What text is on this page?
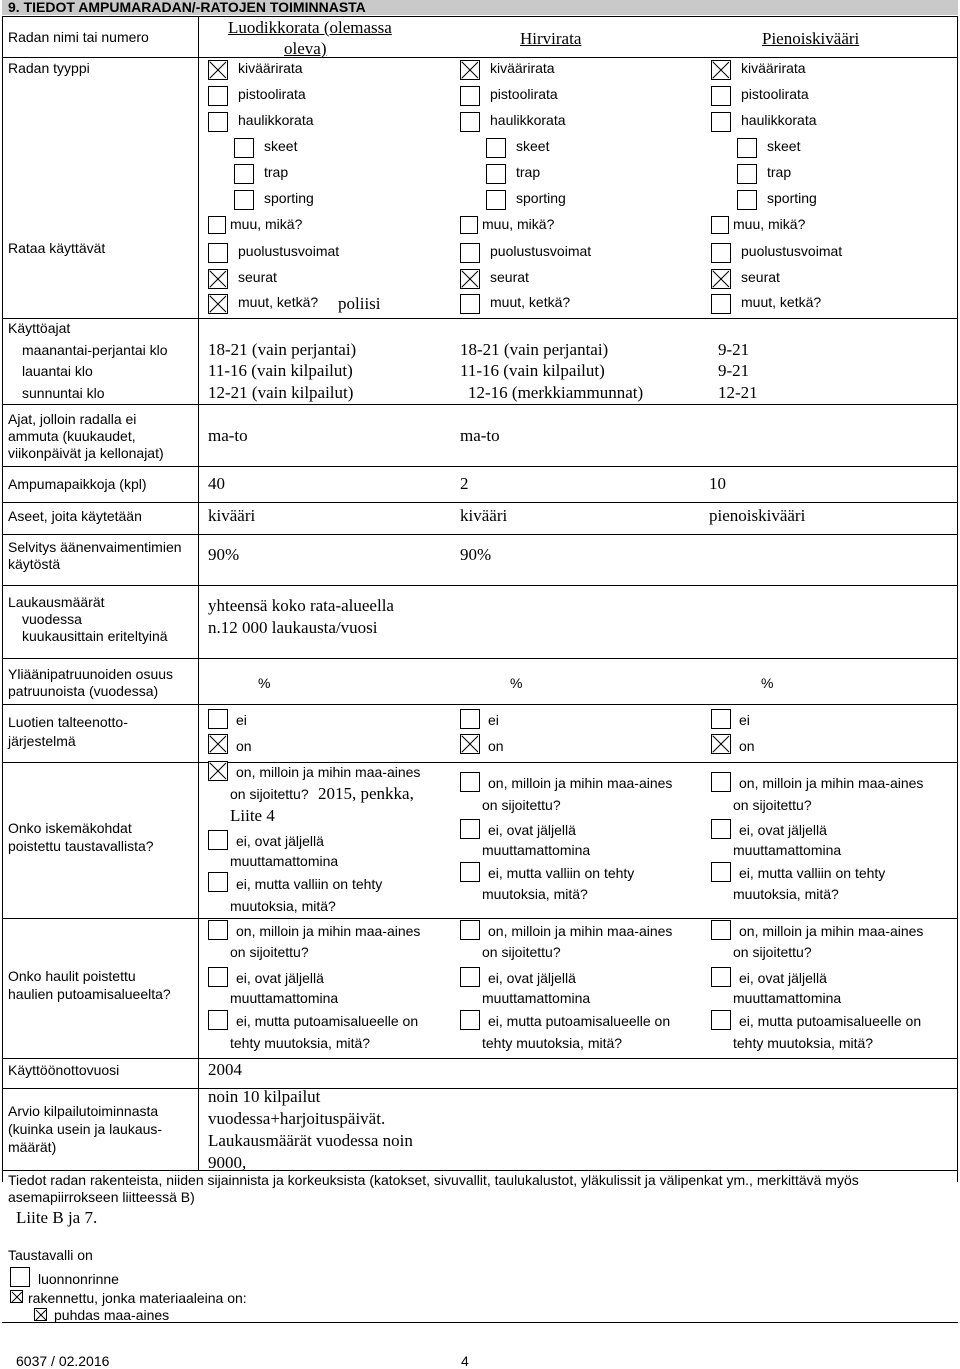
9. TIEDOT AMPUMARADAN/-RATOJEN TOIMINNASTA
Radan nimi tai numero
Radan tyyppi
Rataa käyttävät
Käyttöajat
maanantai-perjantai klo
lauantai klo
sunnuntai klo
Ajat, jolloin radalla ei
ammuta (kuukaudet,
viikonpäivät ja kellonajat)
Ampumapaikkoja (kpl)
Aseet, joita käytetään
Selvitys äänenvaimentimien
käytöstä
Laukausmäärät
vuodessa
kuukausittain eriteltyinä
Yliäänipatruunoiden osuus
patruunoista (vuodessa)
Luotien talteenotto-
järjestelmä
Onko iskemäkohdat
poistettu taustavallista?
Onko haulit poistettu
haulien putoamisalueelta?
Käyttöönottovuosi
Arvio kilpailutoiminnasta
(kuinka usein ja laukaus-
määrät)
Luodikkorata (olemassa
oleva)
kiväärirata
pistoolirata
haulikkorata
skeet
trap
sporting
muu, mikä?
puolustusvoimat
seurat
muut, ketkä? poliisi
18-21 (vain perjantai)
11-16 (vain kilpailut)
12-21 (vain kilpailut)
ma-to
40
kivääri
90%
yhteensä koko rata-alueella
n.12 000 laukausta/vuosi
%
ei
on
on, milloin ja mihin maa-aines
on sijoitettu? 2015, penkka,
Liite 4
ei, ovat jäljellä
muuttamattomina
ei, mutta valliin on tehty
muutoksia, mitä?
on, milloin ja mihin maa-aines
on sijoitettu?
ei, ovat jäljellä
muuttamattomina
ei, mutta putoamisalueelle on
tehty muutoksia, mitä?
2004
noin 10 kilpailut
vuodessa+harjoituspäivät.
Laukausmäärät vuodessa noin
9000,
Hirvirata
kiväärirata
pistoolirata
haulikkorata
skeet
trap
sporting
muu, mikä?
puolustusvoimat
seurat
muut, ketkä?
18-21 (vain perjantai)
11-16 (vain kilpailut)
12-16 (merkkiammunnat)
ma-to
2
kivääri
90%
%
ei
on
on, milloin ja mihin maa-aines
on sijoitettu?
ei, ovat jäljellä
muuttamattomina
ei, mutta valliin on tehty
muutoksia, mitä?
on, milloin ja mihin maa-aines
on sijoitettu?
ei, ovat jäljellä
muuttamattomina
ei, mutta putoamisalueelle on
tehty muutoksia, mitä?
Pienoiskivääri
kiväärirata
pistoolirata
haulikkorata
skeet
trap
sporting
muu, mikä?
puolustusvoimat
seurat
muut, ketkä?
9-21
9-21
12-21
10
pienoiskivääri
%
ei
on
on, milloin ja mihin maa-aines
on sijoitettu?
ei, ovat jäljellä
muuttamattomina
ei, mutta valliin on tehty
muutoksia, mitä?
on, milloin ja mihin maa-aines
on sijoitettu?
ei, ovat jäljellä
muuttamattomina
ei, mutta putoamisalueelle on
tehty muutoksia, mitä?
Tiedot radan rakenteista, niiden sijainnista ja korkeuksista (katokset, sivuvallit, taulukalustot, yläkulissit ja välipenkat ym., merkittävä myös
asemapiirrokseen liitteessä B)
Liite B ja 7.
Taustavalli on
luonnonrinne
rakennettu, jonka materiaaleina on:
puhdas maa-aines
6037 / 02.2016	4
